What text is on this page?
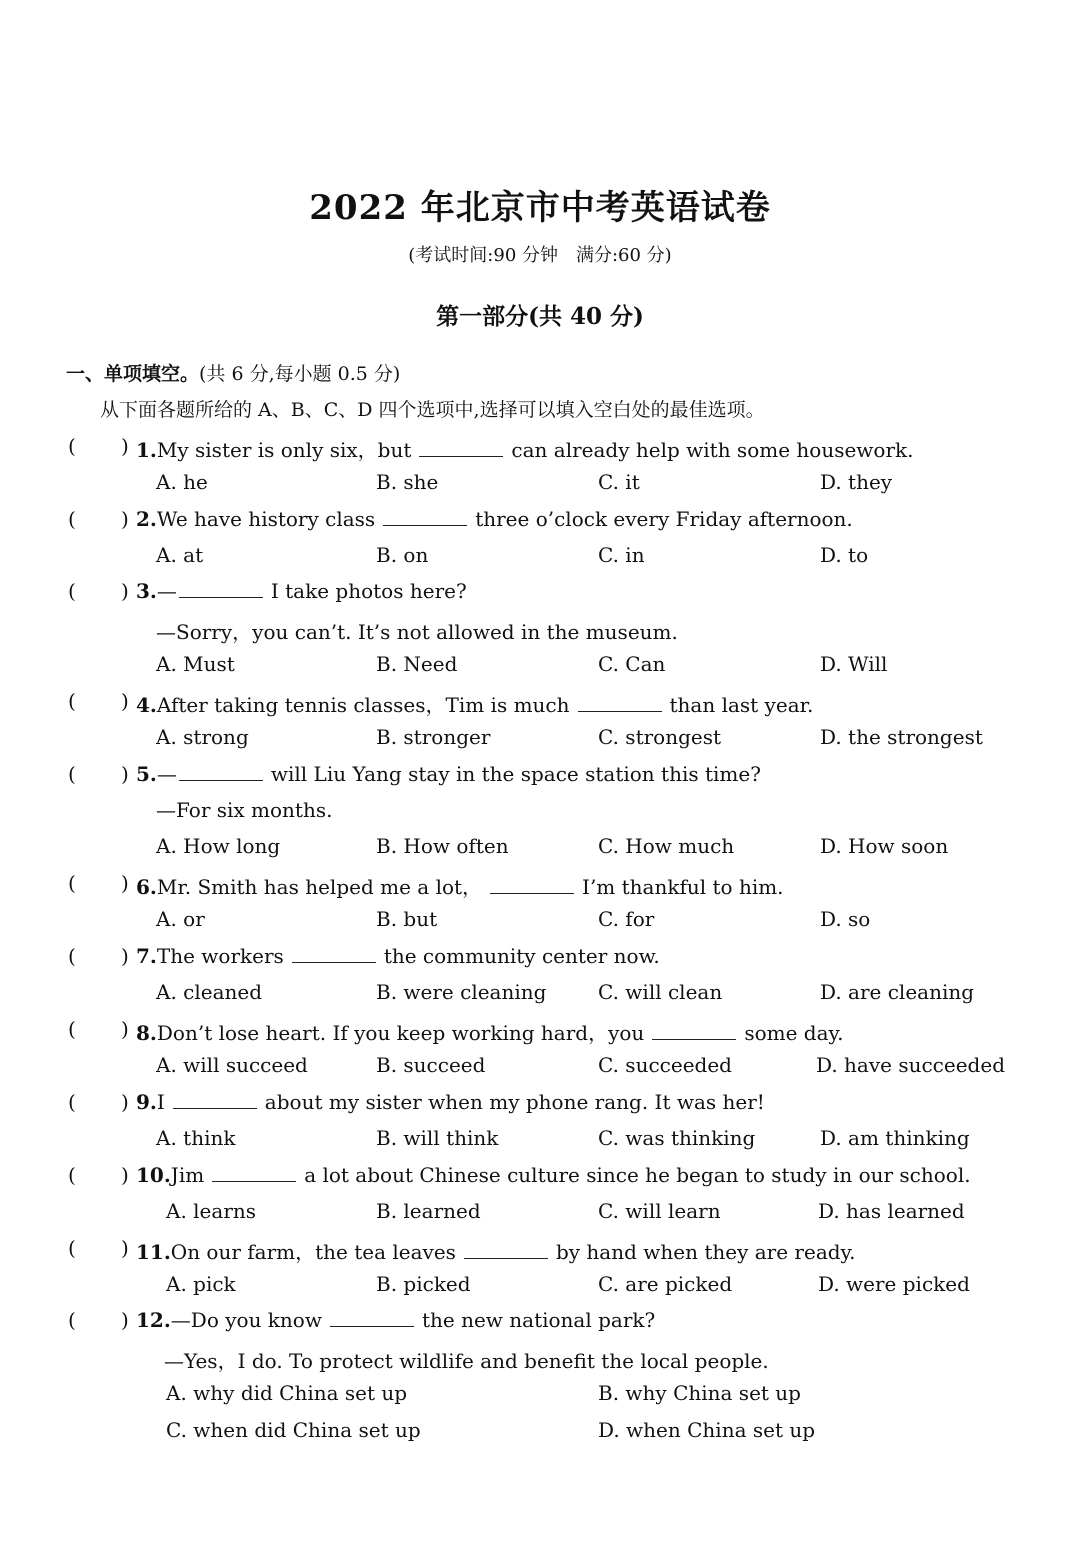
2022 年北京市中考英语试卷
(考试时间:90 分钟　满分:60 分)
第一部分(共 40 分)
一、单项填空。(共 6 分,每小题 0.5 分)
从下面各题所给的 A、B、C、D 四个选项中,选择可以填入空白处的最佳选项。
( ) 1.My sister is only six，but	can already help with some housework.
A. he	B. she	C. it	D. they
( ) 2.We have history class	three o’clock every Friday afternoon.
A. at	B. on	C. in	D. to
( ) 3.—	I take photos here?
—Sorry，you can’t. It’s not allowed in the museum.
A. Must	B. Need	C. Can	D. Will
( ) 4.After taking tennis classes，Tim is much	than last year.
A. strong	B. stronger	C. strongest	D. the strongest
( ) 5.—	will Liu Yang stay in the space station this time?
—For six months.
A. How long	B. How often	C. How much	D. How soon
( ) 6.Mr. Smith has helped me a lot，	I’m thankful to him.
A. or	B. but	C. for	D. so
( ) 7.The workers	the community center now.
A. cleaned	B. were cleaning	C. will clean	D. are cleaning
( ) 8.Don’t lose heart. If you keep working hard，you	some day.
A. will succeed	B. succeed	C. succeeded	D. have succeeded
( ) 9.I	about my sister when my phone rang. It was her!
A. think	B. will think	C. was thinking	D. am thinking
( ) 10.Jim	a lot about Chinese culture since he began to study in our school.
A. learns	B. learned	C. will learn	D. has learned
( ) 11.On our farm，the tea leaves	by hand when they are ready.
A. pick	B. picked	C. are picked	D. were picked
( ) 12.—Do you know	the new national park?
—Yes，I do. To protect wildlife and benefit the local people.
A. why did China set up	B. why China set up
C. when did China set up	D. when China set up
